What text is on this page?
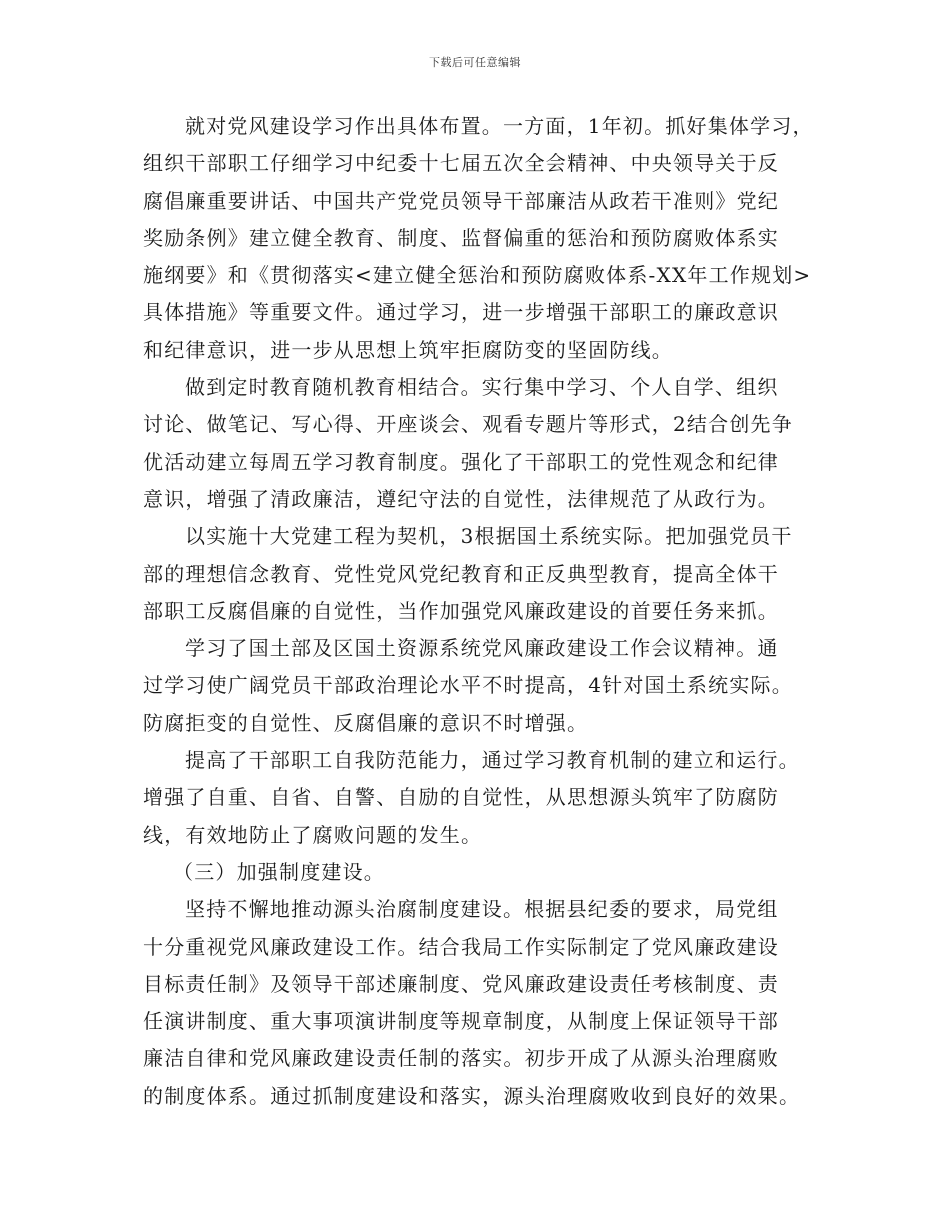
下载后可任意编辑
就对党风建设学习作出具体布置。一方面，1年初。抓好集体学习，
组织干部职工仔细学习中纪委十七届五次全会精神、中央领导关于反
腐倡廉重要讲话、中国共产党党员领导干部廉洁从政若干准则》党纪
奖励条例》建立健全教育、制度、监督偏重的惩治和预防腐败体系实
施纲要》和《贯彻落实<建立健全惩治和预防腐败体系-XX年工作规划>
具体措施》等重要文件。通过学习，进一步增强干部职工的廉政意识
和纪律意识，进一步从思想上筑牢拒腐防变的坚固防线。
做到定时教育随机教育相结合。实行集中学习、个人自学、组织
讨论、做笔记、写心得、开座谈会、观看专题片等形式，2结合创先争
优活动建立每周五学习教育制度。强化了干部职工的党性观念和纪律
意识，增强了清政廉洁，遵纪守法的自觉性，法律规范了从政行为。
以实施十大党建工程为契机，3根据国土系统实际。把加强党员干
部的理想信念教育、党性党风党纪教育和正反典型教育，提高全体干
部职工反腐倡廉的自觉性，当作加强党风廉政建设的首要任务来抓。
学习了国土部及区国土资源系统党风廉政建设工作会议精神。通
过学习使广阔党员干部政治理论水平不时提高，4针对国土系统实际。
防腐拒变的自觉性、反腐倡廉的意识不时增强。
提高了干部职工自我防范能力，通过学习教育机制的建立和运行。
增强了自重、自省、自警、自励的自觉性，从思想源头筑牢了防腐防
线，有效地防止了腐败问题的发生。
（三）加强制度建设。
坚持不懈地推动源头治腐制度建设。根据县纪委的要求，局党组
十分重视党风廉政建设工作。结合我局工作实际制定了党风廉政建设
目标责任制》及领导干部述廉制度、党风廉政建设责任考核制度、责
任演讲制度、重大事项演讲制度等规章制度，从制度上保证领导干部
廉洁自律和党风廉政建设责任制的落实。初步开成了从源头治理腐败
的制度体系。通过抓制度建设和落实，源头治理腐败收到良好的效果。
